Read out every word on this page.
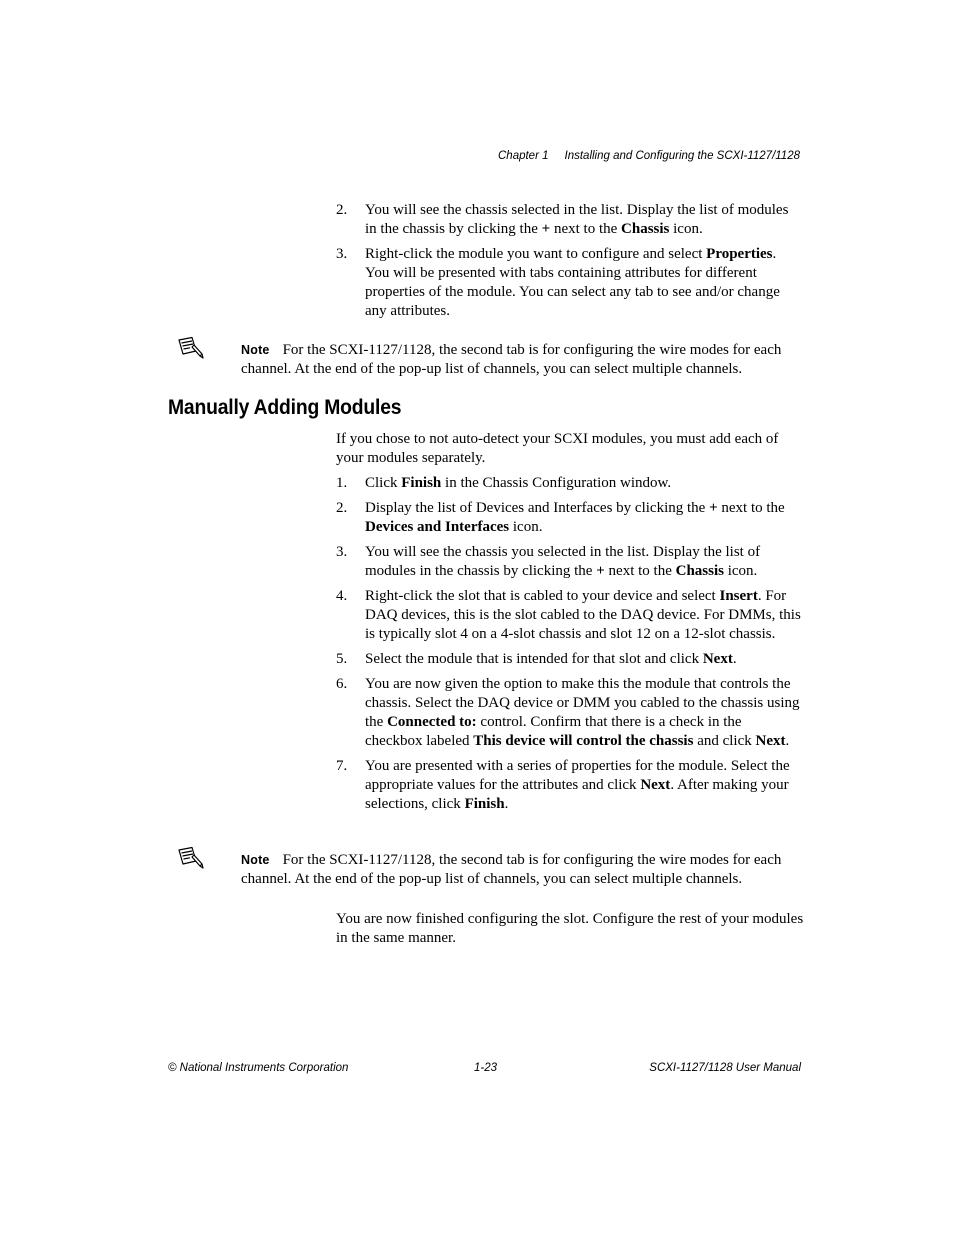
Chapter 1 Installing and Configuring the SCXI-1127/1128
2. You will see the chassis selected in the list. Display the list of modules in the chassis by clicking the + next to the Chassis icon.
3. Right-click the module you want to configure and select Properties. You will be presented with tabs containing attributes for different properties of the module. You can select any tab to see and/or change any attributes.
Note For the SCXI-1127/1128, the second tab is for configuring the wire modes for each channel. At the end of the pop-up list of channels, you can select multiple channels.
Manually Adding Modules

If you chose to not auto-detect your SCXI modules, you must add each of your modules separately.

1. Click Finish in the Chassis Configuration window.
2. Display the list of Devices and Interfaces by clicking the + next to the Devices and Interfaces icon.
3. You will see the chassis you selected in the list. Display the list of modules in the chassis by clicking the + next to the Chassis icon.
4. Right-click the slot that is cabled to your device and select Insert. For DAQ devices, this is the slot cabled to the DAQ device. For DMMs, this is typically slot 4 on a 4-slot chassis and slot 12 on a 12-slot chassis.
5. Select the module that is intended for that slot and click Next.
6. You are now given the option to make this the module that controls the chassis. Select the DAQ device or DMM you cabled to the chassis using the Connected to: control. Confirm that there is a check in the checkbox labeled This device will control the chassis and click Next.
7. You are presented with a series of properties for the module. Select the appropriate values for the attributes and click Next. After making your selections, click Finish.
Note For the SCXI-1127/1128, the second tab is for configuring the wire modes for each channel. At the end of the pop-up list of channels, you can select multiple channels.

You are now finished configuring the slot. Configure the rest of your modules in the same manner.

© National Instruments Corporation	1-23	SCXI-1127/1128 User Manual
